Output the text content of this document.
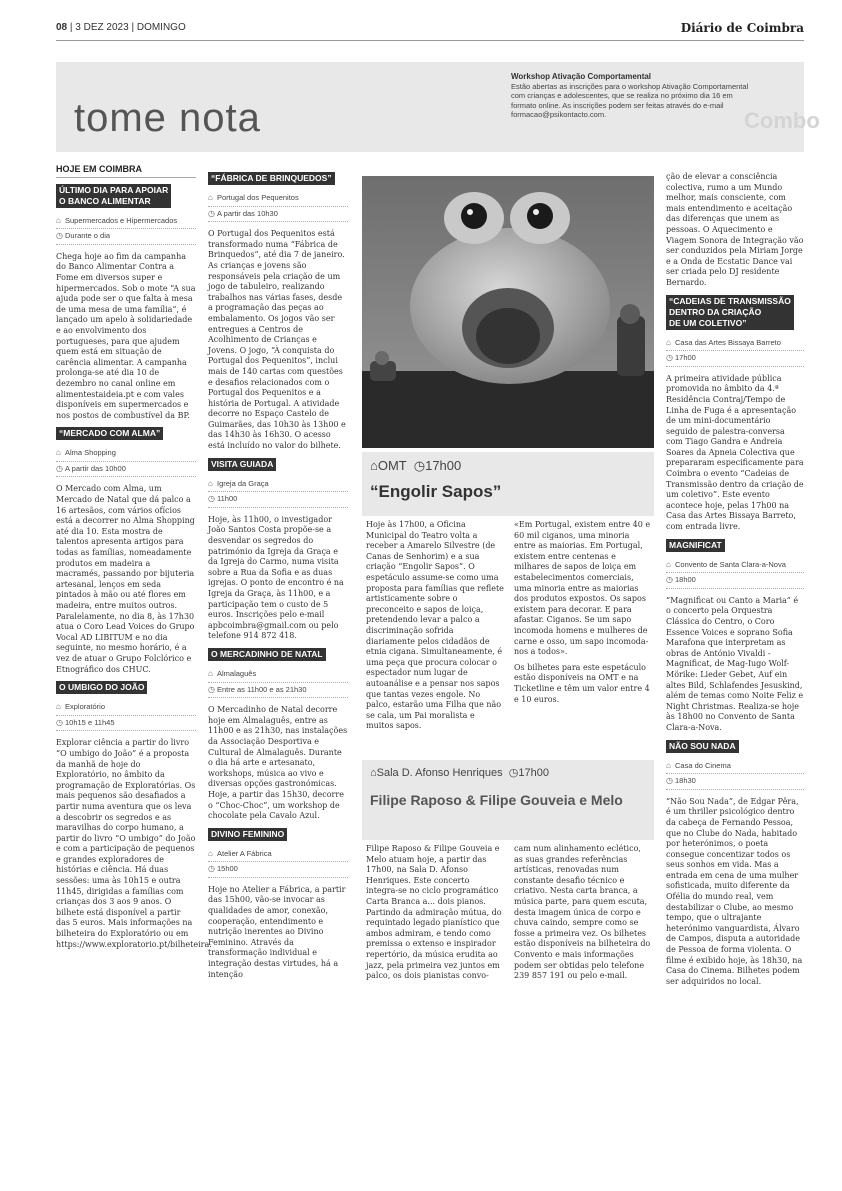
08 | 3 DEZ 2023 | DOMINGO	Diário de Coimbra
tome nota
Workshop Ativação Comportamental
Estão abertas as inscrições para o workshop Ativação Comportamental com crianças e adolescentes, que se realiza no próximo dia 16 em formato online. As inscrições podem ser feitas através do e-mail formacao@psikontacto.com.	Combo
HOJE EM COIMBRA
ÚLTIMO DIA PARA APOIAR
O BANCO ALIMENTAR
⌂ Supermercados e Hipermercados
◷ Durante o dia

Chega hoje ao fim da campanha do Banco Alimentar Contra a Fome em diversos super e hipermercados. Sob o mote “A sua ajuda pode ser o que falta à mesa de uma mesa de uma família”, é lançado um apelo à solidariedade e ao envolvimento dos portugueses, para que ajudem quem está em situação de carência alimentar. A campanha prolonga-se até dia 10 de dezembro no canal online em alimentestaideia.pt e com vales disponíveis em supermercados e nos postos de combustível da BP.

“MERCADO COM ALMA”
⌂ Alma Shopping
◷ A partir das 10h00

O Mercado com Alma, um Mercado de Natal que dá palco a 16 artesãos, com vários ofícios está a decorrer no Alma Shopping até dia 10. Esta mostra de talentos apresenta artigos para todas as famílias, nomeadamente produtos em madeira a macramés, passando por bijuteria artesanal, lenços em seda pintados à mão ou até flores em madeira, entre muitos outros. Paralelamente, no dia 8, às 17h30 atua o Coro Lead Voices do Grupo Vocal AD LIBITUM e no dia seguinte, no mesmo horário, é a vez de atuar o Grupo Folclórico e Etnográfico dos CHUC.

O UMBIGO DO JOÃO
⌂ Exploratório
◷ 10h15 e 11h45

Explorar ciência a partir do livro “O umbigo do João” é a proposta da manhã de hoje do Exploratório, no âmbito da programação de Exploratórias. Os mais pequenos são desafiados a partir numa aventura que os leva a descobrir os segredos e as maravilhas do corpo humano, a partir do livro “O umbigo” do João e com a participação de pequenos e grandes exploradores de histórias e ciência. Há duas sessões: uma às 10h15 e outra 11h45, dirigidas a famílias com crianças dos 3 aos 9 anos. O bilhete está disponível a partir das 5 euros. Mais informações na bilheteira do Exploratório ou em https://www.exploratorio.pt/bilheteira.

“FÁBRICA DE BRINQUEDOS”
⌂ Portugal dos Pequenitos
◷ A partir das 10h30

O Portugal dos Pequenitos está transformado numa “Fábrica de Brinquedos”, até dia 7 de janeiro. As crianças e jovens são responsáveis pela criação de um jogo de tabuleiro, realizando trabalhos nas várias fases, desde a programação das peças ao embalamento. Os jogos vão ser entregues a Centros de Acolhimento de Crianças e Jovens. O jogo, “À conquista do Portugal dos Pequenitos”, inclui mais de 140 cartas com questões e desafios relacionados com o Portugal dos Pequenitos e a história de Portugal. A atividade decorre no Espaço Castelo de Guimarães, das 10h30 às 13h00 e das 14h30 às 16h30. O acesso está incluído no valor do bilhete.

VISITA GUIADA
⌂ Igreja da Graça
◷ 11h00

Hoje, às 11h00, o investigador João Santos Costa propõe-se a desvendar os segredos do património da Igreja da Graça e da Igreja do Carmo, numa visita sobre a Rua da Sofia e as duas igrejas. O ponto de encontro é na Igreja da Graça, às 11h00, e a participação tem o custo de 5 euros. Inscrições pelo e-mail apbcoimbra@gmail.com ou pelo telefone 914 872 418.

O MERCADINHO DE NATAL
⌂ Almalaguês
◷ Entre as 11h00 e as 21h30

O Mercadinho de Natal decorre hoje em Almalaguês, entre as 11h00 e as 21h30, nas instalações da Associação Desportiva e Cultural de Almalaguês. Durante o dia há arte e artesanato, workshops, música ao vivo e diversas opções gastronómicas. Hoje, a partir das 15h30, decorre o “Choc-Choc”, um workshop de chocolate pela Cavalo Azul.

DIVINO FEMININO
⌂ Atelier A Fábrica
◷ 15h00

Hoje no Atelier a Fábrica, a partir das 15h00, vão-se invocar as qualidades de amor, conexão, cooperação, entendimento e nutrição inerentes ao Divino Feminino. Através da transformação individual e integração destas virtudes, há a intenção

⌂OMT ◷17h00
“Engolir Sapos”

Hoje às 17h00, a Oficina Municipal do Teatro volta a receber a Amarelo Silvestre (de Canas de Senhorim) e a sua criação “Engolir Sapos”. O espetáculo assume-se como uma proposta para famílias que reflete artisticamente sobre o preconceito e sapos de loiça, pretendendo levar a palco a discriminação sofrida diariamente pelos cidadãos de etnia cigana. Simultaneamente, é uma peça que procura colocar o espectador num lugar de autoanálise e a pensar nos sapos que tantas vezes engole. No palco, estarão uma Filha que não se cala, um Pai moralista e muitos sapos.

«Em Portugal, existem entre 40 e 60 mil ciganos, uma minoria entre as maiorias. Em Portugal, existem entre centenas e milhares de sapos de loiça em estabelecimentos comerciais, uma minoria entre as maiorias dos produtos expostos. Os sapos existem para decorar. E para afastar. Ciganos. Se um sapo incomoda homens e mulheres de carne e osso, um sapo incomoda-nos a todos».

Os bilhetes para este espetáculo estão disponíveis na OMT e na Ticketline e têm um valor entre 4 e 10 euros.

⌂Sala D. Afonso Henriques ◷17h00
Filipe Raposo & Filipe Gouveia e Melo

Filipe Raposo & Filipe Gouveia e Melo atuam hoje, a partir das 17h00, na Sala D. Afonso Henriques. Este concerto integra-se no ciclo programático Carta Branca a... dois pianos. Partindo da admiração mútua, do requintado legado pianístico que ambos admiram, e tendo como premissa o extenso e inspirador repertório, da música erudita ao jazz, pela primeira vez juntos em palco, os dois pianistas convo-

cam num alinhamento eclético, as suas grandes referências artísticas, renovadas num constante desafio técnico e criativo. Nesta carta branca, a música parte, para quem escuta, desta imagem única de corpo e chuva caindo, sempre como se fosse a primeira vez. Os bilhetes estão disponíveis na bilheteira do Convento e mais informações podem ser obtidas pelo telefone 239 857 191 ou pelo e-mail.

ção de elevar a consciência colectiva, rumo a um Mundo melhor, mais consciente, com mais entendimento e aceitação das diferenças que unem as pessoas. O Aquecimento e Viagem Sonora de Integração vão ser conduzidos pela Miriam Jorge e a Onda de Ecstatic Dance vai ser criada pelo DJ residente Bernardo.

“CADEIAS DE TRANSMISSÃO
DENTRO DA CRIAÇÃO
DE UM COLETIVO”
⌂ Casa das Artes Bissaya Barreto
◷ 17h00

A primeira atividade pública promovida no âmbito da 4.ª Residência Contraj/Tempo de Linha de Fuga é a apresentação de um mini-documentário seguido de palestra-conversa com Tiago Gandra e Andreia Soares da Apneia Colectiva que prepararam especificamente para Coimbra o evento “Cadeias de Transmissão dentro da criação de um coletivo”. Este evento acontece hoje, pelas 17h00 na Casa das Artes Bissaya Barreto, com entrada livre.

MAGNIFICAT
⌂ Convento de Santa Clara-a-Nova
◷ 18h00

“Magnificat ou Canto a Maria” é o concerto pela Orquestra Clássica do Centro, o Coro Essence Voices e soprano Sofia Marafona que interpretam as obras de António Vivaldi - Magnificat, de Mag-Iugo Wolf-Mörike: Lieder Gebet, Auf ein altes Bild, Schlafendes Jesuskind, além de temas como Noite Feliz e Night Christmas. Realiza-se hoje às 18h00 no Convento de Santa Clara-a-Nova.

NÃO SOU NADA
⌂ Casa do Cinema
◷ 18h30

“Não Sou Nada”, de Edgar Pêra, é um thriller psicológico dentro da cabeça de Fernando Pessoa, que no Clube do Nada, habitado por heterónimos, o poeta consegue concentizar todos os seus sonhos em vida. Mas a entrada em cena de uma mulher sofisticada, muito diferente da Ofélia do mundo real, vem destabilizar o Clube, ao mesmo tempo, que o ultrajante heterónimo vanguardista, Álvaro de Campos, disputa a autoridade de Pessoa de forma violenta. O filme é exibido hoje, às 18h30, na Casa do Cinema. Bilhetes podem ser adquiridos no local.
